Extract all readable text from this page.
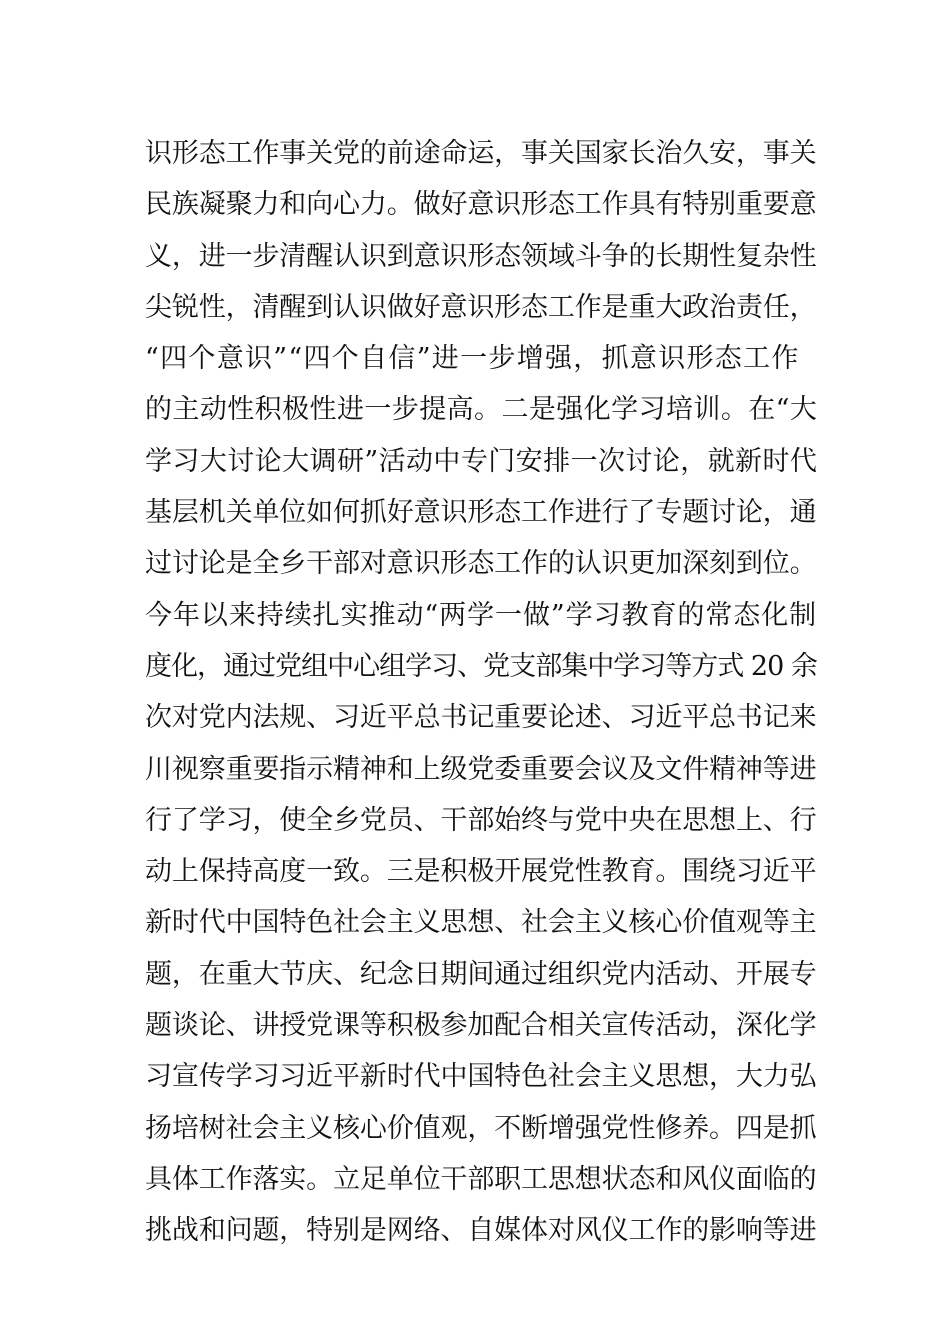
识形态工作事关党的前途命运，事关国家长治久安，事关
民族凝聚力和向心力。做好意识形态工作具有特别重要意
义，进一步清醒认识到意识形态领域斗争的长期性复杂性
尖锐性，清醒到认识做好意识形态工作是重大政治责任，
“四个意识”“四个自信”进一步增强，抓意识形态工作
的主动性积极性进一步提高。二是强化学习培训。在“大
学习大讨论大调研”活动中专门安排一次讨论，就新时代
基层机关单位如何抓好意识形态工作进行了专题讨论，通
过讨论是全乡干部对意识形态工作的认识更加深刻到位。
今年以来持续扎实推动“两学一做”学习教育的常态化制
度化，通过党组中心组学习、党支部集中学习等方式 20 余
次对党内法规、习近平总书记重要论述、习近平总书记来
川视察重要指示精神和上级党委重要会议及文件精神等进
行了学习，使全乡党员、干部始终与党中央在思想上、行
动上保持高度一致。三是积极开展党性教育。围绕习近平
新时代中国特色社会主义思想、社会主义核心价值观等主
题，在重大节庆、纪念日期间通过组织党内活动、开展专
题谈论、讲授党课等积极参加配合相关宣传活动，深化学
习宣传学习习近平新时代中国特色社会主义思想，大力弘
扬培树社会主义核心价值观，不断增强党性修养。四是抓
具体工作落实。立足单位干部职工思想状态和风仪面临的
挑战和问题，特别是网络、自媒体对风仪工作的影响等进
